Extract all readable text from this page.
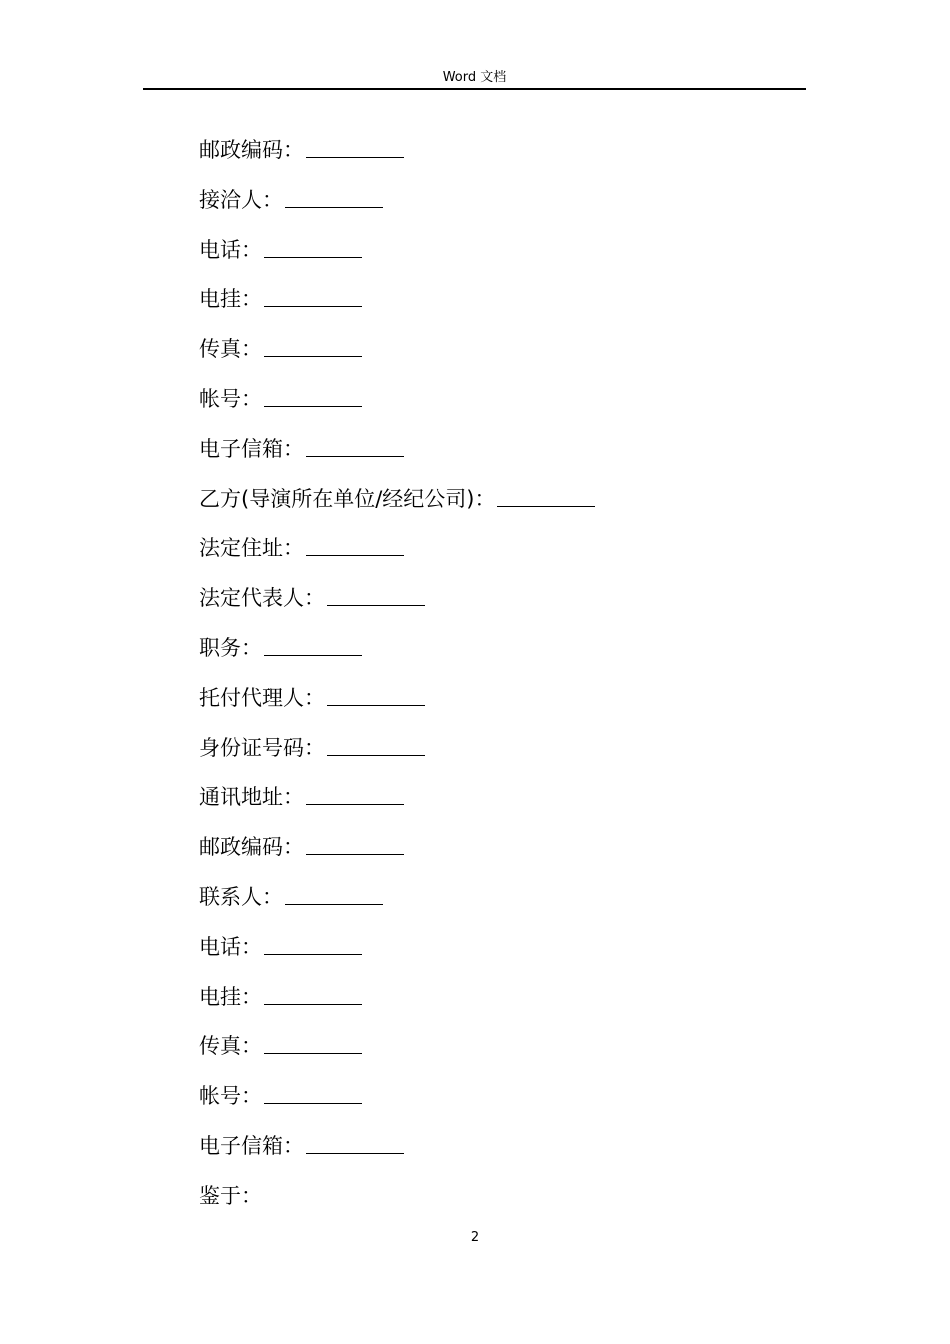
Word 文档
邮政编码：
接洽人：
电话：
电挂：
传真：
帐号：
电子信箱：
乙方(导演所在单位/经纪公司)：
法定住址：
法定代表人：
职务：
托付代理人：
身份证号码：
通讯地址：
邮政编码：
联系人：
电话：
电挂：
传真：
帐号：
电子信箱：
鉴于：
2
